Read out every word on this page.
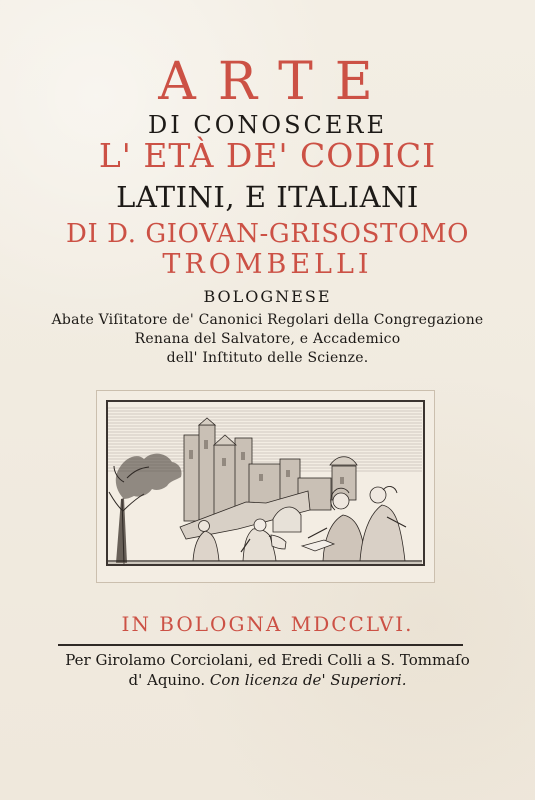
ARTE
DI CONOSCERE
L' ETÀ DE' CODICI
LATINI, E ITALIANI
DI D. GIOVAN-GRISOSTOMO
TROMBELLI
BOLOGNESE
Abate Viſitatore de' Canonici Regolari della Congregazione
Renana del Salvatore, e Accademico
dell' Inſtituto delle Scienze.
IN BOLOGNA MDCCLVI.
Per Girolamo Corciolani, ed Eredi Colli a S. Tommaſo
d' Aquino. Con licenza de' Superiori.
